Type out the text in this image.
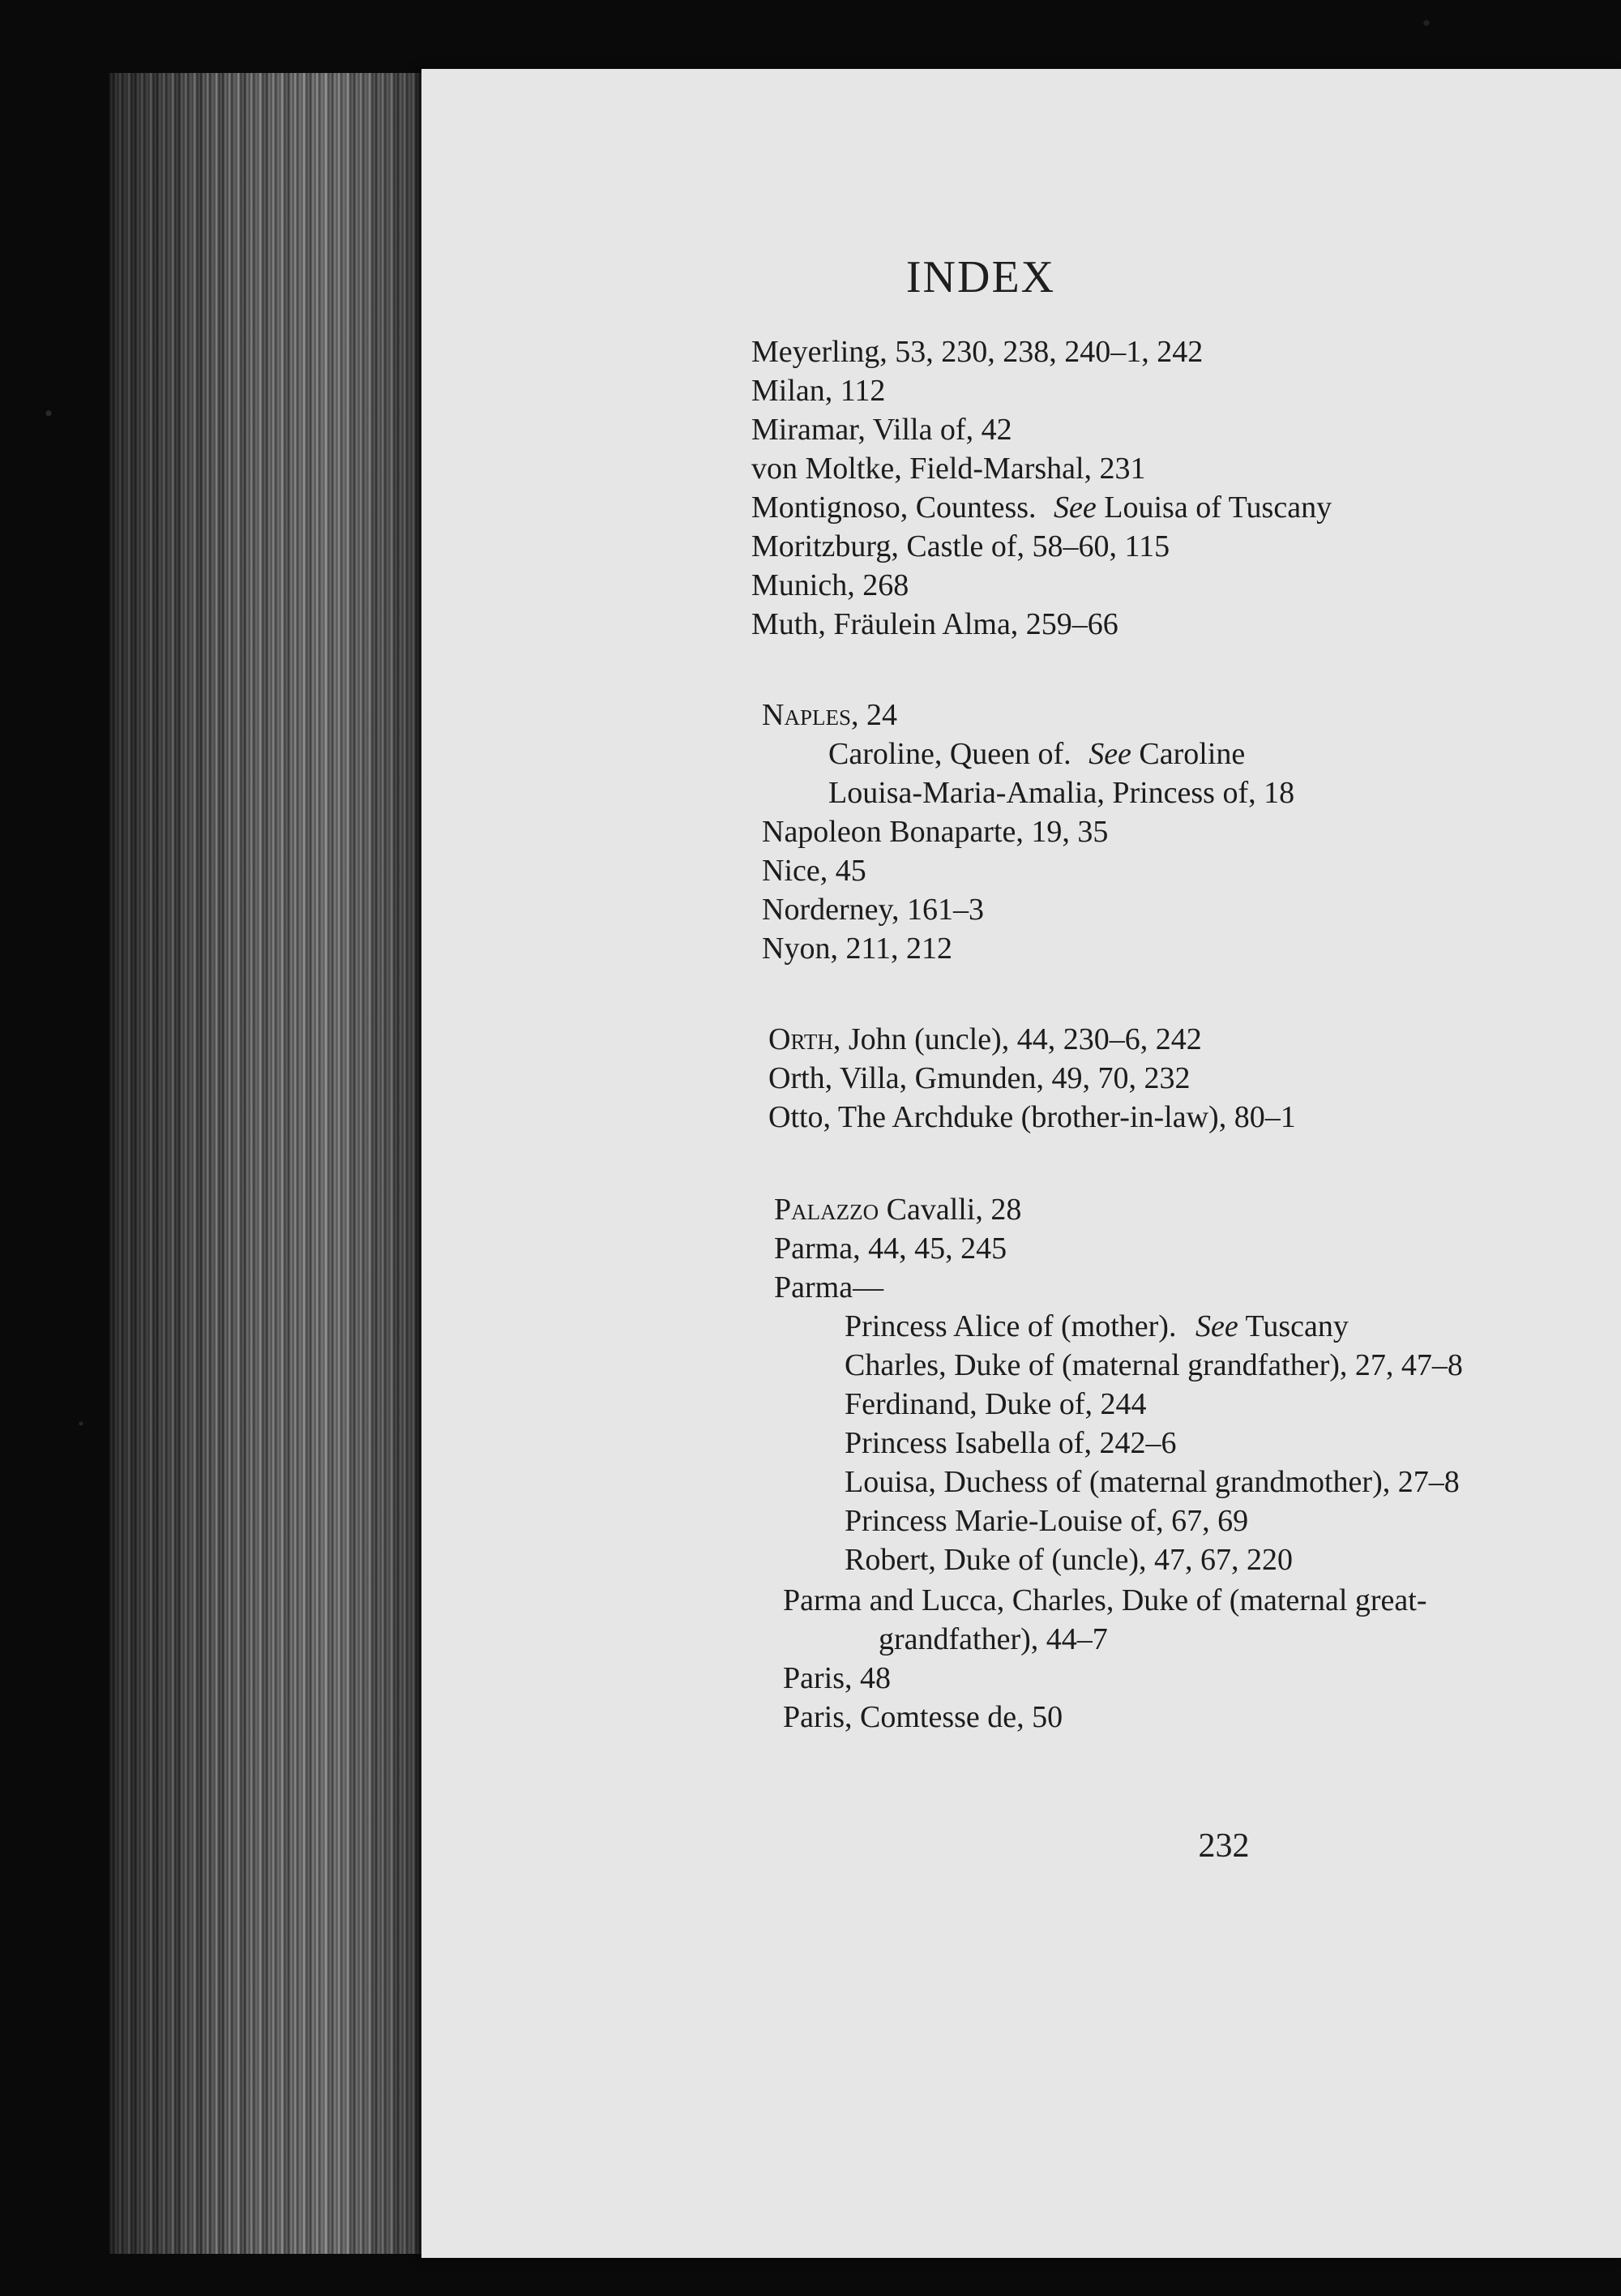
INDEX
Meyerling, 53, 230, 238, 240–1, 242
Milan, 112
Miramar, Villa of, 42
von Moltke, Field-Marshal, 231
Montignoso, Countess. See Louisa of Tuscany
Moritzburg, Castle of, 58–60, 115
Munich, 268
Muth, Fräulein Alma, 259–66
Naples, 24
Caroline, Queen of. See Caroline
Louisa-Maria-Amalia, Princess of, 18
Napoleon Bonaparte, 19, 35
Nice, 45
Norderney, 161–3
Nyon, 211, 212
Orth, John (uncle), 44, 230–6, 242
Orth, Villa, Gmunden, 49, 70, 232
Otto, The Archduke (brother-in-law), 80–1
Palazzo Cavalli, 28
Parma, 44, 45, 245
Parma—
Princess Alice of (mother). See Tuscany
Charles, Duke of (maternal grandfather), 27, 47–8
Ferdinand, Duke of, 244
Princess Isabella of, 242–6
Louisa, Duchess of (maternal grandmother), 27–8
Princess Marie-Louise of, 67, 69
Robert, Duke of (uncle), 47, 67, 220
Parma and Lucca, Charles, Duke of (maternal great-
grandfather), 44–7
Paris, 48
Paris, Comtesse de, 50
232
